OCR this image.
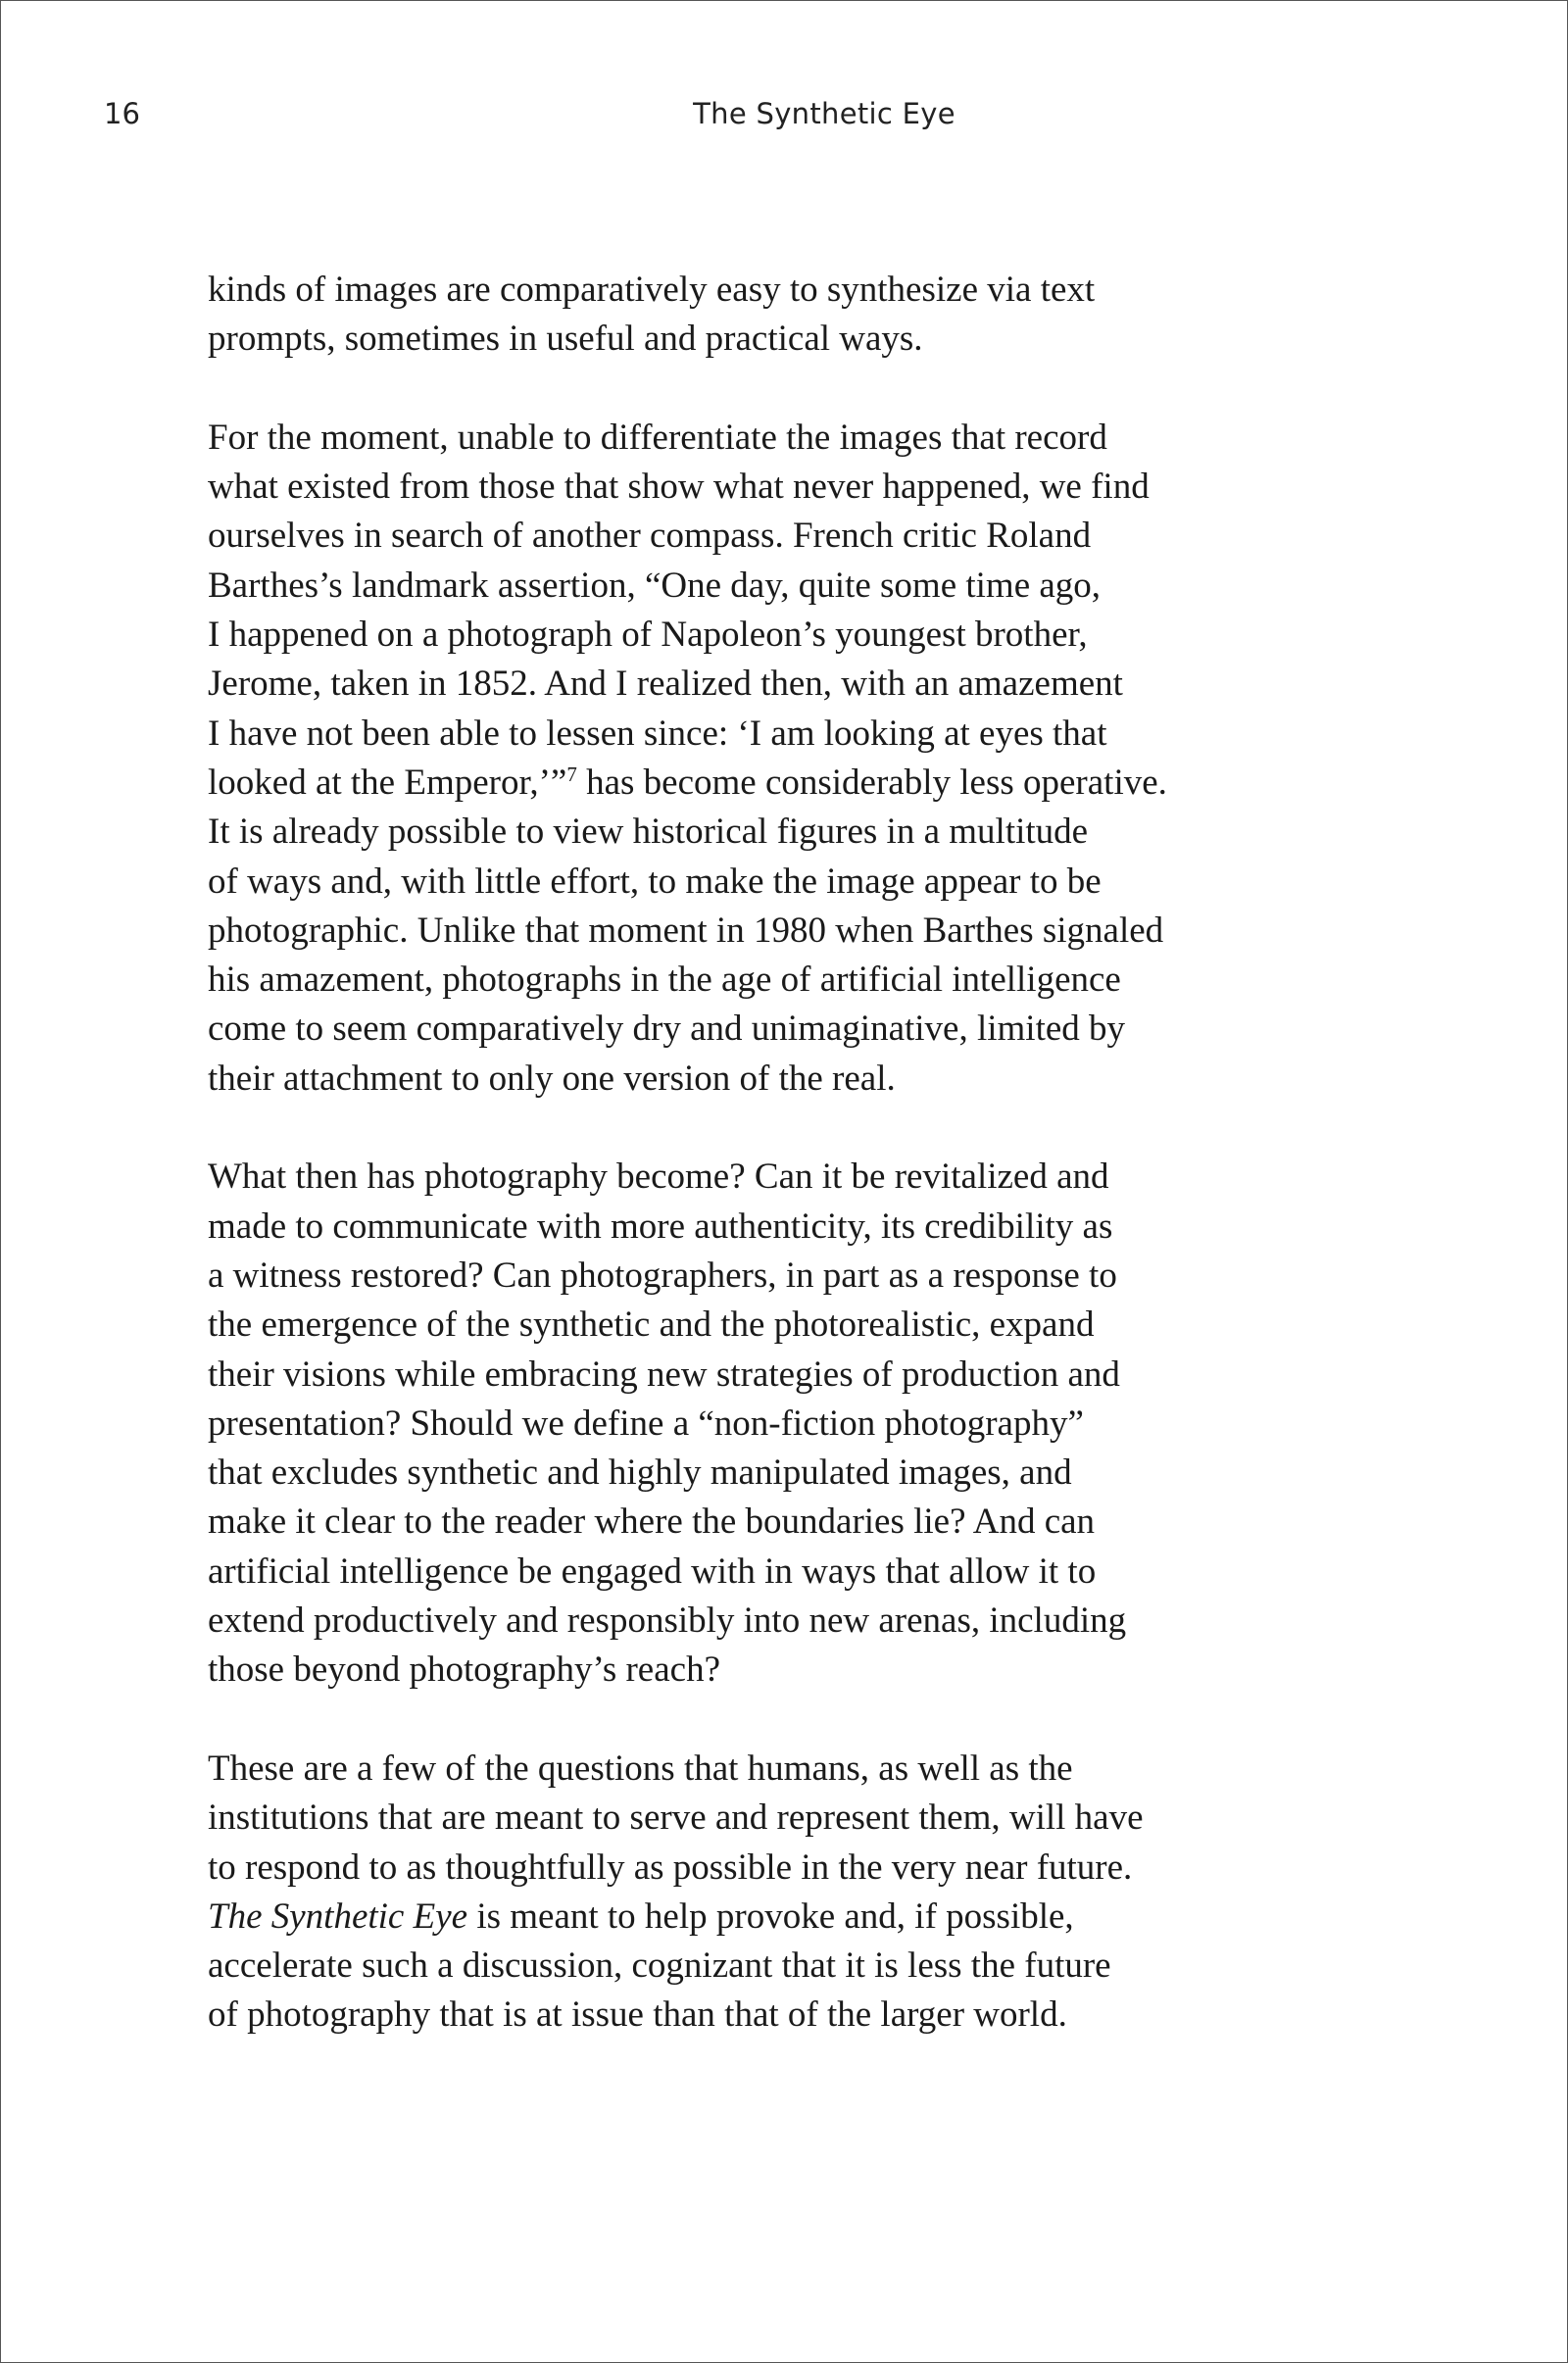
16	The Synthetic Eye
kinds of images are comparatively easy to synthesize via text
prompts, sometimes in useful and practical ways.
For the moment, unable to differentiate the images that record
what existed from those that show what never happened, we find
ourselves in search of another compass. French critic Roland
Barthes’s landmark assertion, “One day, quite some time ago,
I happened on a photograph of Napoleon’s youngest brother,
Jerome, taken in 1852. And I realized then, with an amazement
I have not been able to lessen since: ‘I am looking at eyes that
looked at the Emperor,’”$^7$ has become considerably less operative.
It is already possible to view historical figures in a multitude
of ways and, with little effort, to make the image appear to be
photographic. Unlike that moment in 1980 when Barthes signaled
his amazement, photographs in the age of artificial intelligence
come to seem comparatively dry and unimaginative, limited by
their attachment to only one version of the real.
What then has photography become? Can it be revitalized and
made to communicate with more authenticity, its credibility as
a witness restored? Can photographers, in part as a response to
the emergence of the synthetic and the photorealistic, expand
their visions while embracing new strategies of production and
presentation? Should we define a “non-fiction photography”
that excludes synthetic and highly manipulated images, and
make it clear to the reader where the boundaries lie? And can
artificial intelligence be engaged with in ways that allow it to
extend productively and responsibly into new arenas, including
those beyond photography’s reach?
These are a few of the questions that humans, as well as the
institutions that are meant to serve and represent them, will have
to respond to as thoughtfully as possible in the very near future.
The Synthetic Eye is meant to help provoke and, if possible,
accelerate such a discussion, cognizant that it is less the future
of photography that is at issue than that of the larger world.
